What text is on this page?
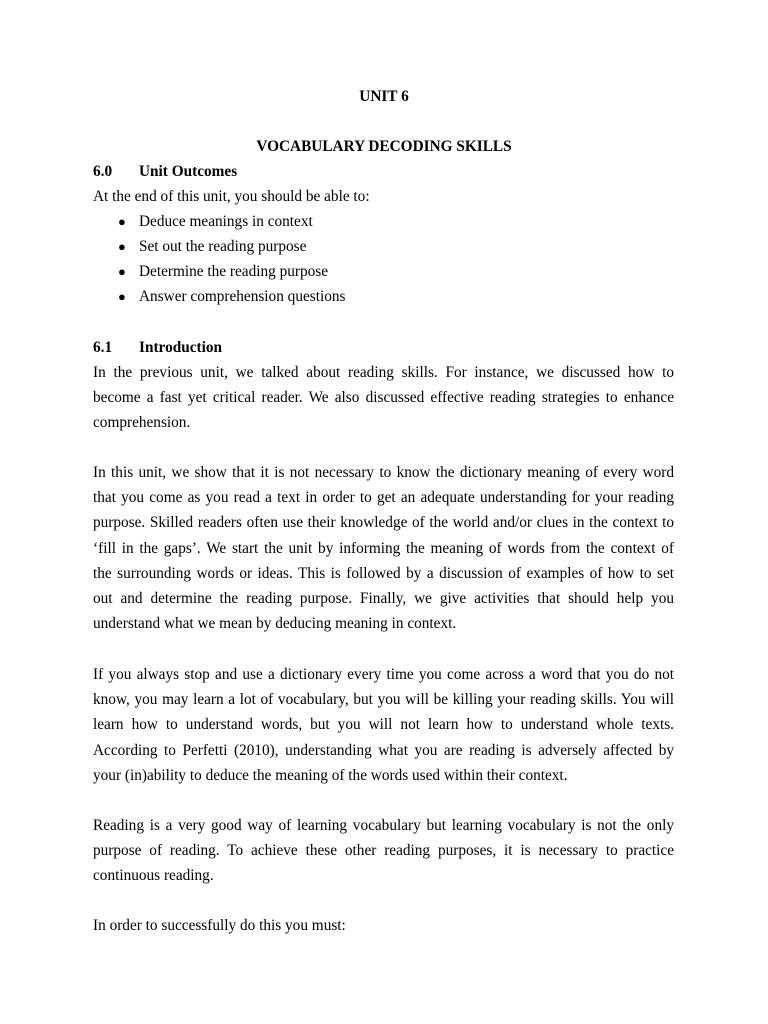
UNIT 6
VOCABULARY DECODING SKILLS
6.0 Unit Outcomes
At the end of this unit, you should be able to:
● Deduce meanings in context
● Set out the reading purpose
● Determine the reading purpose
● Answer comprehension questions
6.1 Introduction
In the previous unit, we talked about reading skills. For instance, we discussed how to
become a fast yet critical reader. We also discussed effective reading strategies to enhance
comprehension.
In this unit, we show that it is not necessary to know the dictionary meaning of every word
that you come as you read a text in order to get an adequate understanding for your reading
purpose. Skilled readers often use their knowledge of the world and/or clues in the context to
‘fill in the gaps’. We start the unit by informing the meaning of words from the context of
the surrounding words or ideas. This is followed by a discussion of examples of how to set
out and determine the reading purpose. Finally, we give activities that should help you
understand what we mean by deducing meaning in context.
If you always stop and use a dictionary every time you come across a word that you do not
know, you may learn a lot of vocabulary, but you will be killing your reading skills. You will
learn how to understand words, but you will not learn how to understand whole texts.
According to Perfetti (2010), understanding what you are reading is adversely affected by
your (in)ability to deduce the meaning of the words used within their context.
Reading is a very good way of learning vocabulary but learning vocabulary is not the only
purpose of reading. To achieve these other reading purposes, it is necessary to practice
continuous reading.
In order to successfully do this you must:
